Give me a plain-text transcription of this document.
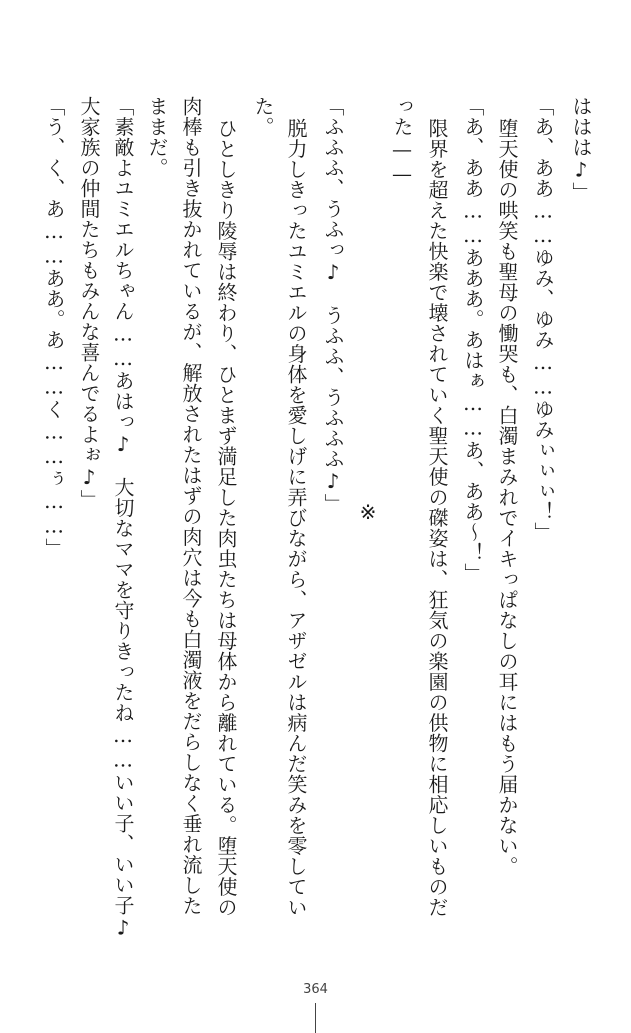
ははは♪」
「あ、ああ……ゆみ、ゆみ……ゆみぃぃぃ！」
堕天使の哄笑も聖母の慟哭も、白濁まみれでイキっぱなしの耳にはもう届かない。
「あ、ああ……あああ。あはぁ……あ、ああ〜！」
限界を超えた快楽で壊されていく聖天使の磔姿は、狂気の楽園の供物に相応しいものだ
った——
※
「ふふふ、うふっ♪　うふふ、うふふふ♪」
脱力しきったユミエルの身体を愛しげに弄びながら、アザゼルは病んだ笑みを零してい
た。
ひとしきり陵辱は終わり、ひとまず満足した肉虫たちは母体から離れている。堕天使の
肉棒も引き抜かれているが、解放されたはずの肉穴は今も白濁液をだらしなく垂れ流した
ままだ。
「素敵よユミエルちゃん……あはっ♪　大切なママを守りきったね……いい子、いい子♪
大家族の仲間たちもみんな喜んでるよぉ♪」
「う、く、あ……ああ。あ……く……ぅ……」
364
